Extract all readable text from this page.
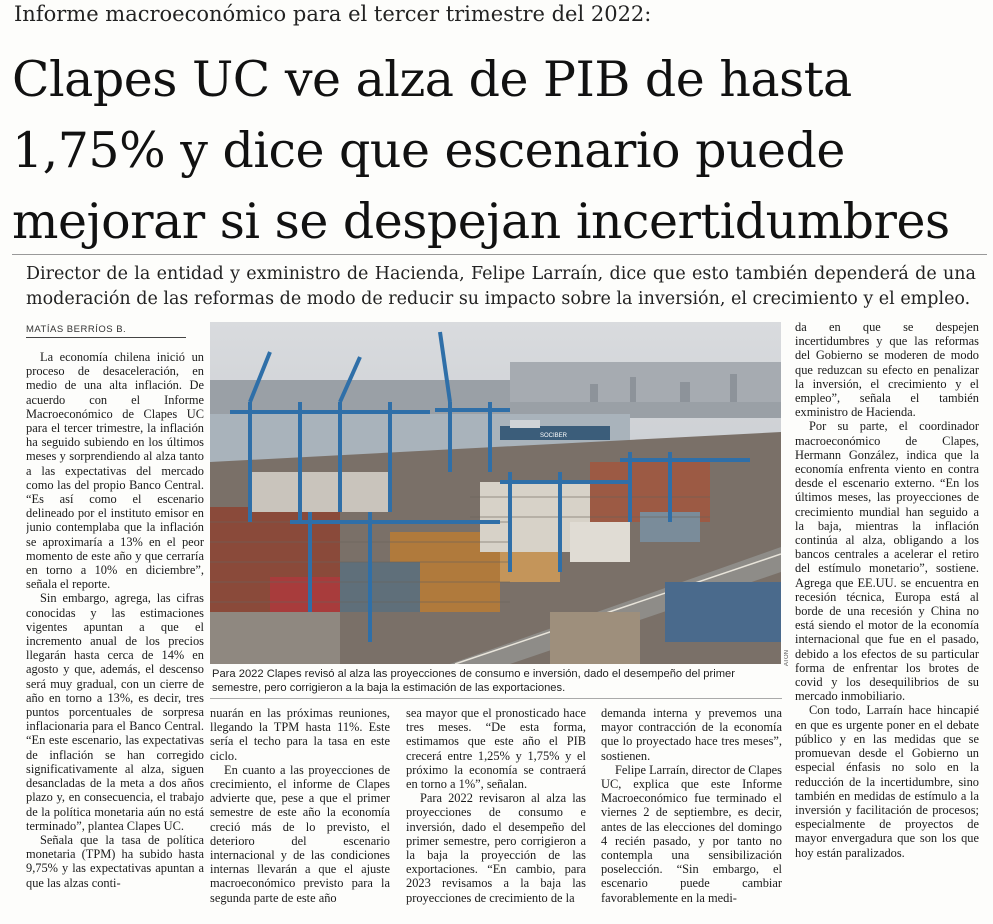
Informe macroeconómico para el tercer trimestre del 2022:
Clapes UC ve alza de PIB de hasta 1,75% y dice que escenario puede mejorar si se despejan incertidumbres
Director de la entidad y exministro de Hacienda, Felipe Larraín, dice que esto también dependerá de una moderación de las reformas de modo de reducir su impacto sobre la inversión, el crecimiento y el empleo.
MATÍAS BERRÍOS B.

La economía chilena inició un proceso de desaceleración, en medio de una alta inflación. De acuerdo con el Informe Macroeconómico de Clapes UC para el tercer trimestre, la inflación ha seguido subiendo en los últimos meses y sorprendiendo al alza tanto a las expectativas del mercado como las del propio Banco Central. “Es así como el escenario delineado por el instituto emisor en junio contemplaba que la inflación se aproximaría a 13% en el peor momento de este año y que cerraría en torno a 10% en diciembre”, señala el reporte.

Sin embargo, agrega, las cifras conocidas y las estimaciones vigentes apuntan a que el incremento anual de los precios llegarán hasta cerca de 14% en agosto y que, además, el descenso será muy gradual, con un cierre de año en torno a 13%, es decir, tres puntos porcentuales de sorpresa inflacionaria para el Banco Central. “En este escenario, las expectativas de inflación se han corregido significativamente al alza, siguen desancladas de la meta a dos años plazo y, en consecuencia, el trabajo de la política monetaria aún no está terminado”, plantea Clapes UC.

Señala que la tasa de política monetaria (TPM) ha subido hasta 9,75% y las expectativas apuntan a que las alzas conti-

SOCIBER
ATON
Para 2022 Clapes revisó al alza las proyecciones de consumo e inversión, dado el desempeño del primer semestre, pero corrigieron a la baja la estimación de las exportaciones.

nuarán en las próximas reuniones, llegando la TPM hasta 11%. Este sería el techo para la tasa en este ciclo.

En cuanto a las proyecciones de crecimiento, el informe de Clapes advierte que, pese a que el primer semestre de este año la economía creció más de lo previsto, el deterioro del escenario internacional y de las condiciones internas llevarán a que el ajuste macroeconómico previsto para la segunda parte de este año

sea mayor que el pronosticado hace tres meses. “De esta forma, estimamos que este año el PIB crecerá entre 1,25% y 1,75% y el próximo la economía se contraerá en torno a 1%”, señalan.

Para 2022 revisaron al alza las proyecciones de consumo e inversión, dado el desempeño del primer semestre, pero corrigieron a la baja la proyección de las exportaciones. “En cambio, para 2023 revisamos a la baja las proyecciones de crecimiento de la

demanda interna y prevemos una mayor contracción de la economía que lo proyectado hace tres meses”, sostienen.

Felipe Larraín, director de Clapes UC, explica que este Informe Macroeconómico fue terminado el viernes 2 de septiembre, es decir, antes de las elecciones del domingo 4 recién pasado, y por tanto no contempla una sensibilización poselección. “Sin embargo, el escenario puede cambiar favorablemente en la medi-

da en que se despejen incertidumbres y que las reformas del Gobierno se moderen de modo que reduzcan su efecto en penalizar la inversión, el crecimiento y el empleo”, señala el también exministro de Hacienda.

Por su parte, el coordinador macroeconómico de Clapes, Hermann González, indica que la economía enfrenta viento en contra desde el escenario externo. “En los últimos meses, las proyecciones de crecimiento mundial han seguido a la baja, mientras la inflación continúa al alza, obligando a los bancos centrales a acelerar el retiro del estímulo monetario”, sostiene. Agrega que EE.UU. se encuentra en recesión técnica, Europa está al borde de una recesión y China no está siendo el motor de la economía internacional que fue en el pasado, debido a los efectos de su particular forma de enfrentar los brotes de covid y los desequilibrios de su mercado inmobiliario.

Con todo, Larraín hace hincapié en que es urgente poner en el debate público y en las medidas que se promuevan desde el Gobierno un especial énfasis no solo en la reducción de la incertidumbre, sino también en medidas de estímulo a la inversión y facilitación de procesos; especialmente de proyectos de mayor envergadura que son los que hoy están paralizados.
